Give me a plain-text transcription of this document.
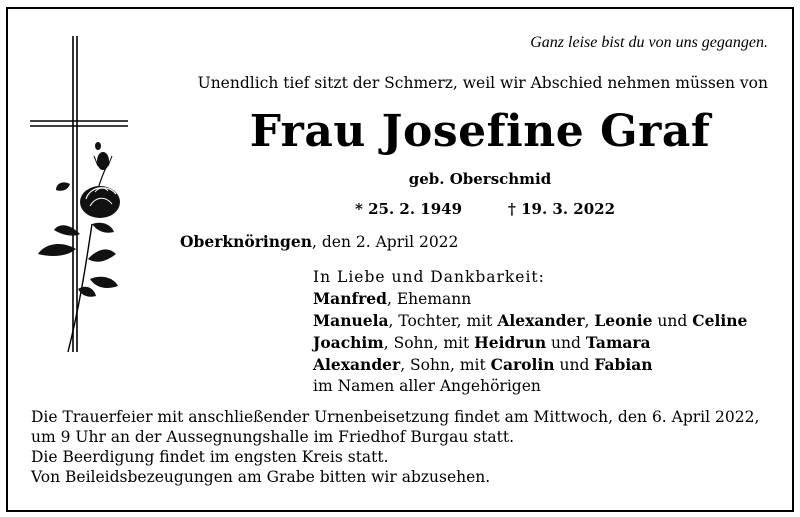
Ganz leise bist du von uns gegangen.
Unendlich tief sitzt der Schmerz, weil wir Abschied nehmen müssen von
Frau Josefine Graf
geb. Oberschmid
* 25. 2. 1949	† 19. 3. 2022
Oberknöringen, den 2. April 2022
In Liebe und Dankbarkeit:
Manfred, Ehemann
Manuela, Tochter, mit Alexander, Leonie und Celine
Joachim, Sohn, mit Heidrun und Tamara
Alexander, Sohn, mit Carolin und Fabian
im Namen aller Angehörigen
Die Trauerfeier mit anschließender Urnenbeisetzung findet am Mittwoch, den 6. April 2022,
um 9 Uhr an der Aussegnungshalle im Friedhof Burgau statt.
Die Beerdigung findet im engsten Kreis statt.
Von Beileidsbezeugungen am Grabe bitten wir abzusehen.
